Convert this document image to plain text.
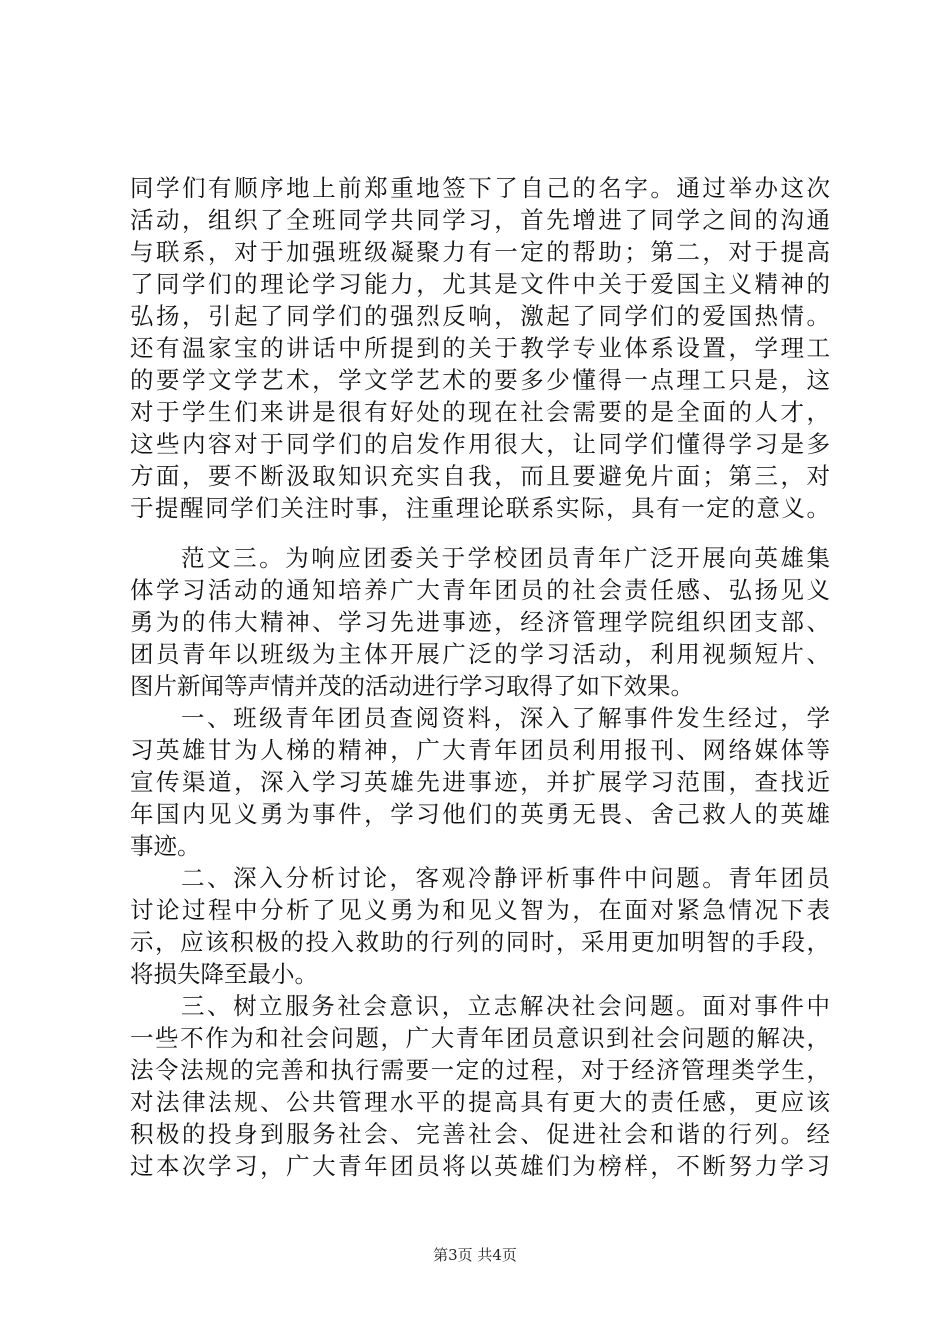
同学们有顺序地上前郑重地签下了自己的名字。通过举办这次
活动，组织了全班同学共同学习，首先增进了同学之间的沟通
与联系，对于加强班级凝聚力有一定的帮助；第二，对于提高
了同学们的理论学习能力，尤其是文件中关于爱国主义精神的
弘扬，引起了同学们的强烈反响，激起了同学们的爱国热情。
还有温家宝的讲话中所提到的关于教学专业体系设置，学理工
的要学文学艺术，学文学艺术的要多少懂得一点理工只是，这
对于学生们来讲是很有好处的现在社会需要的是全面的人才，
这些内容对于同学们的启发作用很大，让同学们懂得学习是多
方面，要不断汲取知识充实自我，而且要避免片面；第三，对
于提醒同学们关注时事，注重理论联系实际，具有一定的意义。
范文三。为响应团委关于学校团员青年广泛开展向英雄集
体学习活动的通知培养广大青年团员的社会责任感、弘扬见义
勇为的伟大精神、学习先进事迹，经济管理学院组织团支部、
团员青年以班级为主体开展广泛的学习活动，利用视频短片、
图片新闻等声情并茂的活动进行学习取得了如下效果。
一、班级青年团员查阅资料，深入了解事件发生经过，学
习英雄甘为人梯的精神，广大青年团员利用报刊、网络媒体等
宣传渠道，深入学习英雄先进事迹，并扩展学习范围，查找近
年国内见义勇为事件，学习他们的英勇无畏、舍己救人的英雄
事迹。
二、深入分析讨论，客观冷静评析事件中问题。青年团员
讨论过程中分析了见义勇为和见义智为，在面对紧急情况下表
示，应该积极的投入救助的行列的同时，采用更加明智的手段，
将损失降至最小。
三、树立服务社会意识，立志解决社会问题。面对事件中
一些不作为和社会问题，广大青年团员意识到社会问题的解决，
法令法规的完善和执行需要一定的过程，对于经济管理类学生，
对法律法规、公共管理水平的提高具有更大的责任感，更应该
积极的投身到服务社会、完善社会、促进社会和谐的行列。经
过本次学习，广大青年团员将以英雄们为榜样，不断努力学习
第3页 共4页
